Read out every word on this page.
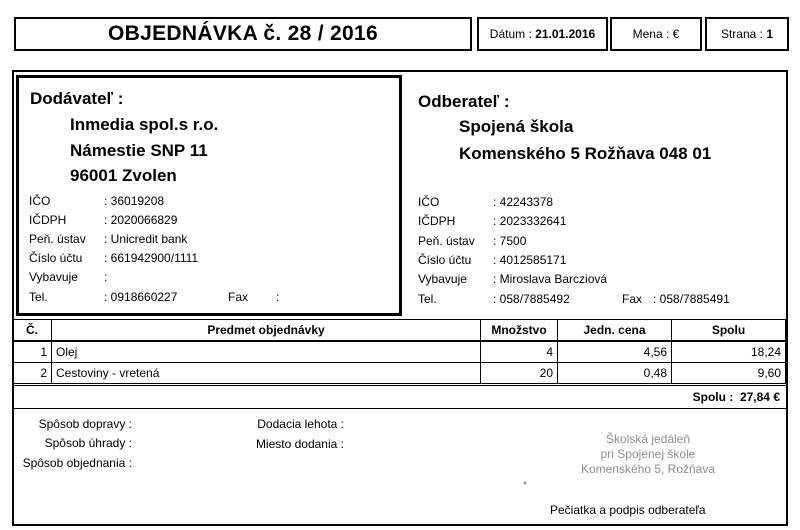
OBJEDNÁVKA č. 28 / 2016	Dátum :
21.01.2016	Mena :
€	Strana :
1
Dodávateľ :
Inmedia spol.s r.o.
Námestie SNP 11
96001 Zvolen
IČO	: 36019208
IČDPH	: 2020066829
Peň. ústav : Unicredit bank
Číslo účtu : 661942900/1111
Vybavuje :
Tel.	: 0918660227	Fax :
Odberateľ :
Spojená škola
Komenského 5 Rožňava 048 01
IČO	: 42243378
IČDPH	: 2023332641
Peň. ústav : 7500
Číslo účtu : 4012585171
Vybavuje : Miroslava Barcziová
Tel.	: 058/7885492	Fax : 058/7885491
Č.	Predmet objednávky	Množstvo	Jedn. cena	Spolu
1	Olej	4	4,56	18,24
2	Cestoviny - vretená	20	0,48	9,60
Spolu : 27,84 €
Spôsob dopravy :
Spôsob úhrady :
Spôsob objednania :
Dodacia lehota :
Miesto dodania :	Školská jedáleň
pri Spojenej škole
Komenského 5, Rožňava
Pečiatka a podpis odberateľa
